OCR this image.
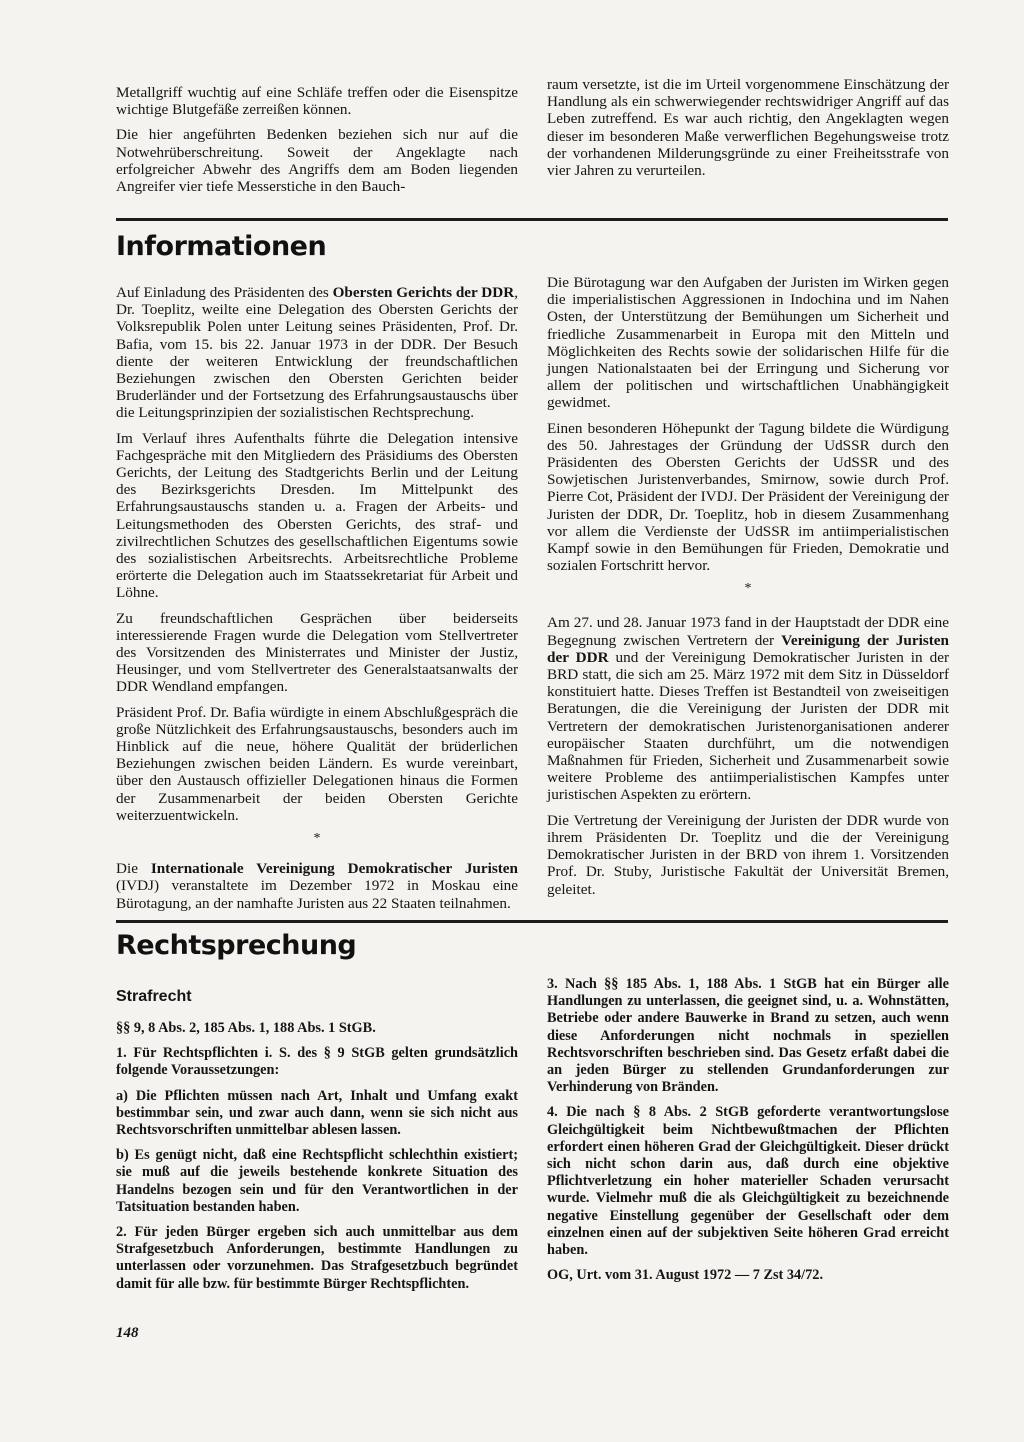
Metallgriff wuchtig auf eine Schläfe treffen oder die Eisenspitze wichtige Blutgefäße zerreißen können.

Die hier angeführten Bedenken beziehen sich nur auf die Notwehrüberschreitung. Soweit der Angeklagte nach erfolgreicher Abwehr des Angriffs dem am Boden liegenden Angreifer vier tiefe Messerstiche in den Bauch-

raum versetzte, ist die im Urteil vorgenommene Einschätzung der Handlung als ein schwerwiegender rechtswidriger Angriff auf das Leben zutreffend. Es war auch richtig, den Angeklagten wegen dieser im besonderen Maße verwerflichen Begehungsweise trotz der vorhandenen Milderungsgründe zu einer Freiheitsstrafe von vier Jahren zu verurteilen.

Informationen

Auf Einladung des Präsidenten des Obersten Gerichts der DDR, Dr. Toeplitz, weilte eine Delegation des Obersten Gerichts der Volksrepublik Polen unter Leitung seines Präsidenten, Prof. Dr. Bafia, vom 15. bis 22. Januar 1973 in der DDR. Der Besuch diente der weiteren Entwicklung der freundschaftlichen Beziehungen zwischen den Obersten Gerichten beider Bruderländer und der Fortsetzung des Erfahrungsaustauschs über die Leitungsprinzipien der sozialistischen Rechtsprechung.

Im Verlauf ihres Aufenthalts führte die Delegation intensive Fachgespräche mit den Mitgliedern des Präsidiums des Obersten Gerichts, der Leitung des Stadtgerichts Berlin und der Leitung des Bezirksgerichts Dresden. Im Mittelpunkt des Erfahrungsaustauschs standen u. a. Fragen der Arbeits- und Leitungsmethoden des Obersten Gerichts, des straf- und zivilrechtlichen Schutzes des gesellschaftlichen Eigentums sowie des sozialistischen Arbeitsrechts. Arbeitsrechtliche Probleme erörterte die Delegation auch im Staatssekretariat für Arbeit und Löhne.

Zu freundschaftlichen Gesprächen über beiderseits interessierende Fragen wurde die Delegation vom Stellvertreter des Vorsitzenden des Ministerrates und Minister der Justiz, Heusinger, und vom Stellvertreter des Generalstaatsanwalts der DDR Wendland empfangen.

Präsident Prof. Dr. Bafia würdigte in einem Abschlußgespräch die große Nützlichkeit des Erfahrungsaustauschs, besonders auch im Hinblick auf die neue, höhere Qualität der brüderlichen Beziehungen zwischen beiden Ländern. Es wurde vereinbart, über den Austausch offizieller Delegationen hinaus die Formen der Zusammenarbeit der beiden Obersten Gerichte weiterzuentwickeln.

*

Die Internationale Vereinigung Demokratischer Juristen (IVDJ) veranstaltete im Dezember 1972 in Moskau eine Bürotagung, an der namhafte Juristen aus 22 Staaten teilnahmen.

Die Bürotagung war den Aufgaben der Juristen im Wirken gegen die imperialistischen Aggressionen in Indochina und im Nahen Osten, der Unterstützung der Bemühungen um Sicherheit und friedliche Zusammenarbeit in Europa mit den Mitteln und Möglichkeiten des Rechts sowie der solidarischen Hilfe für die jungen Nationalstaaten bei der Erringung und Sicherung vor allem der politischen und wirtschaftlichen Unabhängigkeit gewidmet.

Einen besonderen Höhepunkt der Tagung bildete die Würdigung des 50. Jahrestages der Gründung der UdSSR durch den Präsidenten des Obersten Gerichts der UdSSR und des Sowjetischen Juristenverbandes, Smirnow, sowie durch Prof. Pierre Cot, Präsident der IVDJ. Der Präsident der Vereinigung der Juristen der DDR, Dr. Toeplitz, hob in diesem Zusammenhang vor allem die Verdienste der UdSSR im antiimperialistischen Kampf sowie in den Bemühungen für Frieden, Demokratie und sozialen Fortschritt hervor.

*

Am 27. und 28. Januar 1973 fand in der Hauptstadt der DDR eine Begegnung zwischen Vertretern der Vereinigung der Juristen der DDR und der Vereinigung Demokratischer Juristen in der BRD statt, die sich am 25. März 1972 mit dem Sitz in Düsseldorf konstituiert hatte. Dieses Treffen ist Bestandteil von zweiseitigen Beratungen, die die Vereinigung der Juristen der DDR mit Vertretern der demokratischen Juristenorganisationen anderer europäischer Staaten durchführt, um die notwendigen Maßnahmen für Frieden, Sicherheit und Zusammenarbeit sowie weitere Probleme des antiimperialistischen Kampfes unter juristischen Aspekten zu erörtern.

Die Vertretung der Vereinigung der Juristen der DDR wurde von ihrem Präsidenten Dr. Toeplitz und die der Vereinigung Demokratischer Juristen in der BRD von ihrem 1. Vorsitzenden Prof. Dr. Stuby, Juristische Fakultät der Universität Bremen, geleitet.

Rechtsprechung
Strafrecht

§§ 9, 8 Abs. 2, 185 Abs. 1, 188 Abs. 1 StGB.

1. Für Rechtspflichten i. S. des § 9 StGB gelten grundsätzlich folgende Voraussetzungen:

a) Die Pflichten müssen nach Art, Inhalt und Umfang exakt bestimmbar sein, und zwar auch dann, wenn sie sich nicht aus Rechtsvorschriften unmittelbar ablesen lassen.

b) Es genügt nicht, daß eine Rechtspflicht schlechthin existiert; sie muß auf die jeweils bestehende konkrete Situation des Handelns bezogen sein und für den Verantwortlichen in der Tatsituation bestanden haben.

2. Für jeden Bürger ergeben sich auch unmittelbar aus dem Strafgesetzbuch Anforderungen, bestimmte Handlungen zu unterlassen oder vorzunehmen. Das Strafgesetzbuch begründet damit für alle bzw. für bestimmte Bürger Rechtspflichten.

3. Nach §§ 185 Abs. 1, 188 Abs. 1 StGB hat ein Bürger alle Handlungen zu unterlassen, die geeignet sind, u. a. Wohnstätten, Betriebe oder andere Bauwerke in Brand zu setzen, auch wenn diese Anforderungen nicht nochmals in speziellen Rechtsvorschriften beschrieben sind. Das Gesetz erfaßt dabei die an jeden Bürger zu stellenden Grundanforderungen zur Verhinderung von Bränden.

4. Die nach § 8 Abs. 2 StGB geforderte verantwortungslose Gleichgültigkeit beim Nichtbewußtmachen der Pflichten erfordert einen höheren Grad der Gleichgültigkeit. Dieser drückt sich nicht schon darin aus, daß durch eine objektive Pflichtverletzung ein hoher materieller Schaden verursacht wurde. Vielmehr muß die als Gleichgültigkeit zu bezeichnende negative Einstellung gegenüber der Gesellschaft oder dem einzelnen einen auf der subjektiven Seite höheren Grad erreicht haben.

OG, Urt. vom 31. August 1972 — 7 Zst 34/72.

148
